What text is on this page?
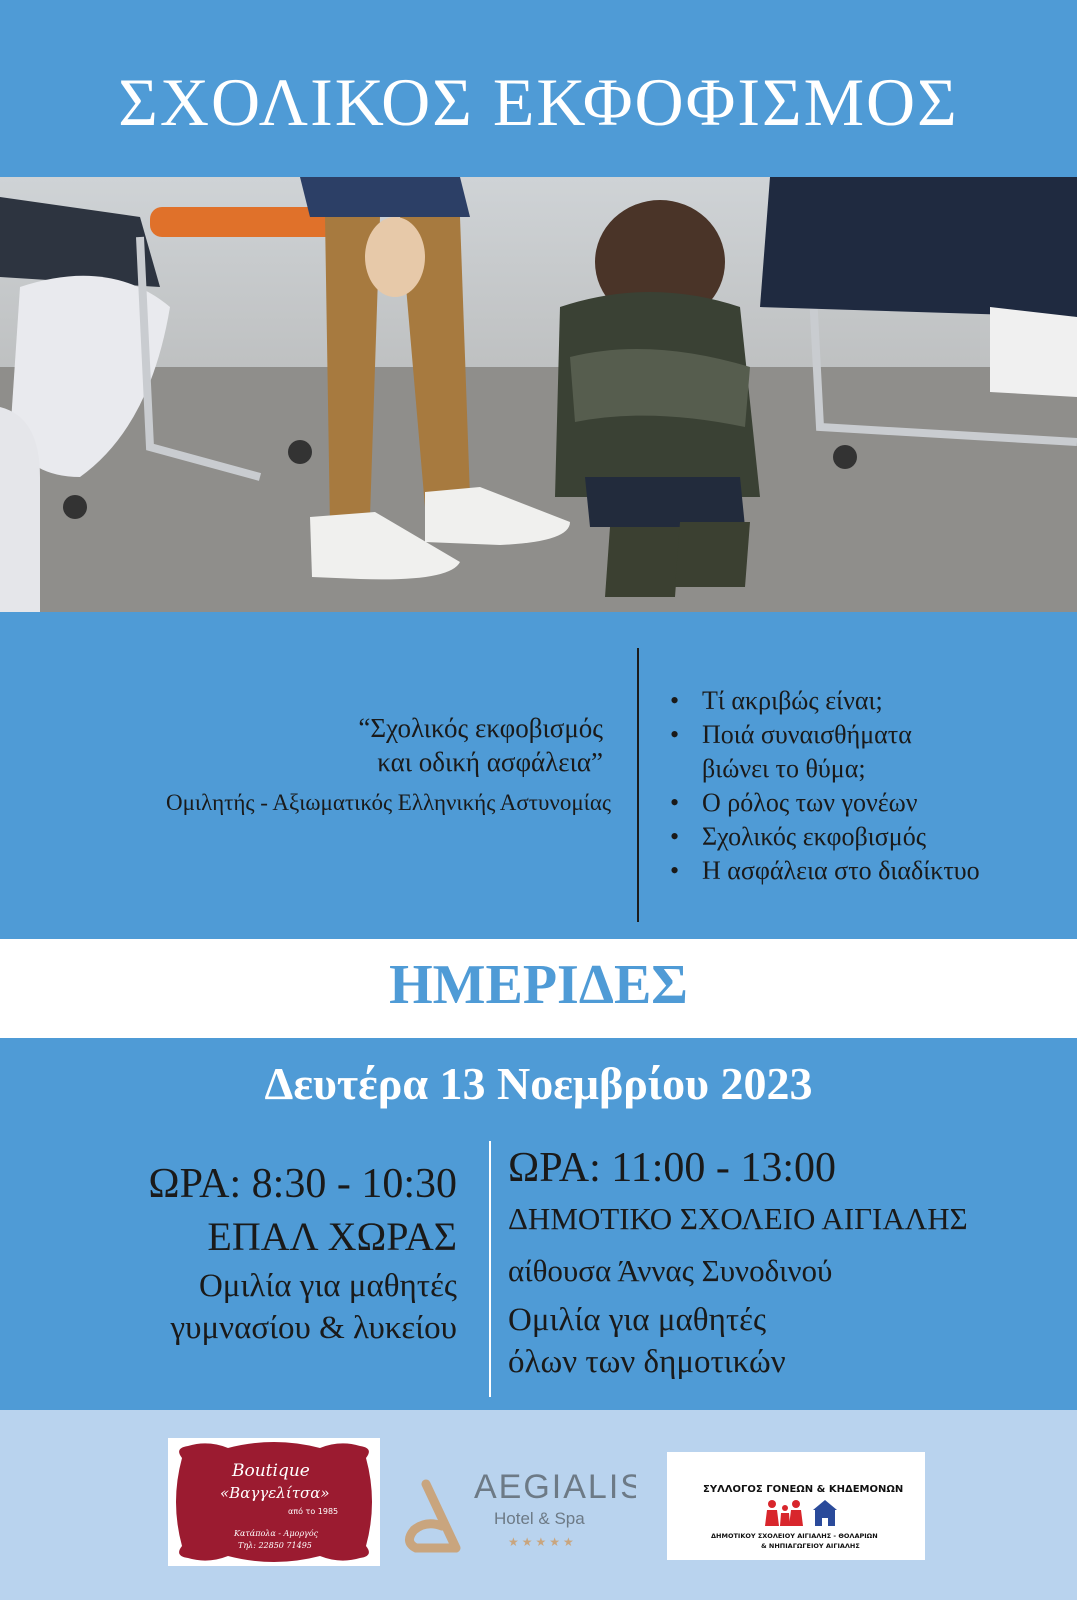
ΣΧΟΛΙΚΟΣ ΕΚΦΟΦΙΣΜΟΣ
“Σχολικός εκφοβισμός
και οδική ασφάλεια”
Ομιλητής - Αξιωματικός Ελληνικής Αστυνομίας
• Τί ακριβώς είναι;
• Ποιά συναισθήματα
βιώνει το θύμα;
• Ο ρόλος των γονέων
• Σχολικός εκφοβισμός
• Η ασφάλεια στο διαδίκτυο
ΗΜΕΡΙΔΕΣ
Δευτέρα 13 Νοεμβρίου 2023
ΩΡΑ: 8:30 - 10:30
ΕΠΑΛ ΧΩΡΑΣ
Ομιλία για μαθητές
γυμνασίου & λυκείου
ΩΡΑ: 11:00 - 13:00
ΔΗΜΟΤΙΚΟ ΣΧΟΛΕΙΟ ΑΙΓΙΑΛΗΣ
αίθουσα Άννας Συνοδινού
Ομιλία για μαθητές
όλων των δημοτικών
Boutique
«Βαγγελίτσα»
από το 1985
Κατάπολα - Αμοργός
Τηλ: 22850 71495
AEGIALIS
Hotel & Spa
★★★★★
ΣΥΛΛΟΓΟΣ ΓΟΝΕΩΝ & ΚΗΔΕΜΟΝΩΝ
ΔΗΜΟΤΙΚΟΥ ΣΧΟΛΕΙΟΥ ΑΙΓΙΑΛΗΣ - ΘΟΛΑΡΙΩΝ
& ΝΗΠΙΑΓΩΓΕΙΟΥ ΑΙΓΙΑΛΗΣ
